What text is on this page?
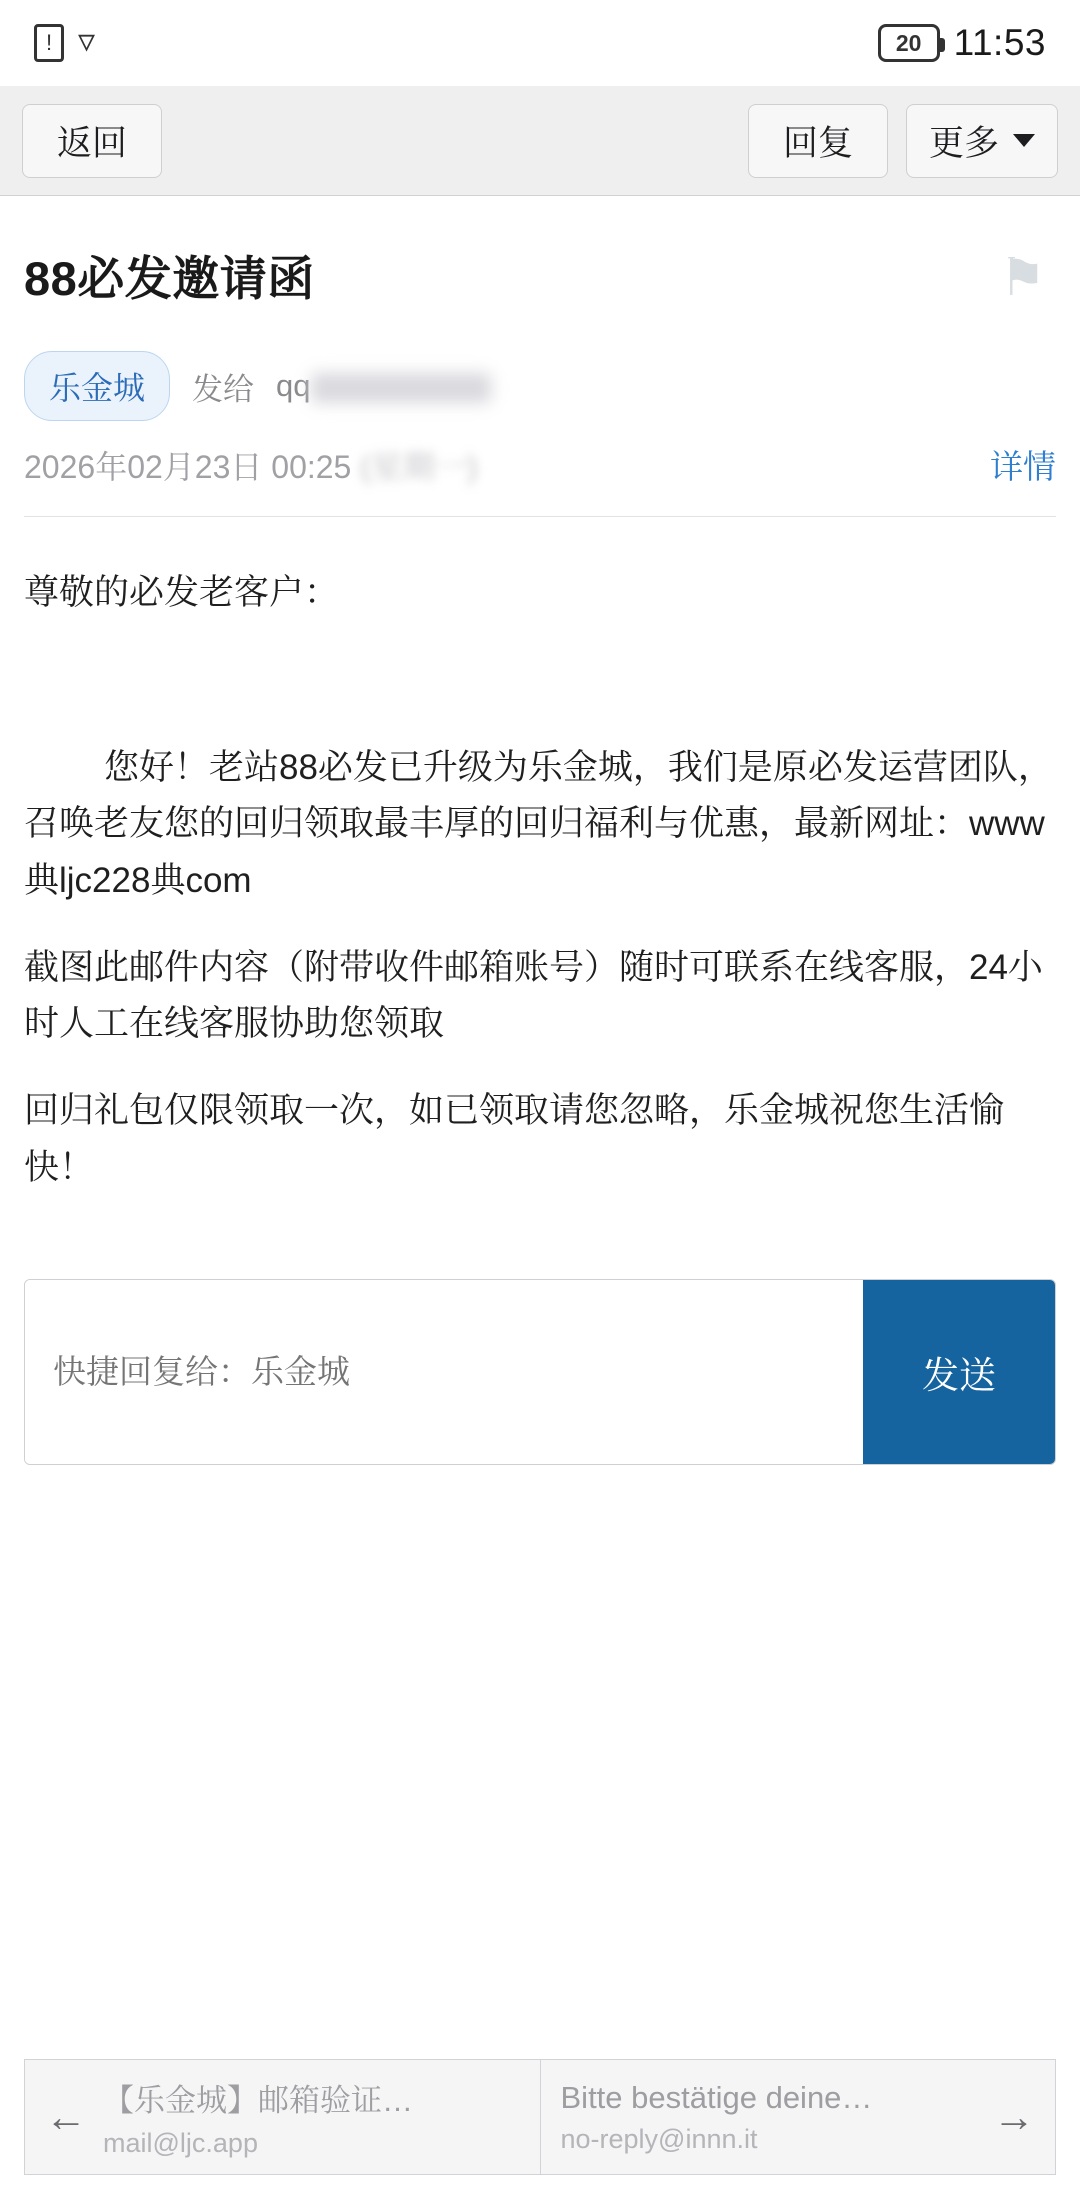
! ▿	20 11:53
返回	回复	更多
88必发邀请函	⚑
乐金城	发给 qq
2026年02月23日 00:25 (星期一)	详情

尊敬的必发老客户：

您好！老站88必发已升级为乐金城，我们是原必发运营团队，召唤老友您的回归领取最丰厚的回归福利与优惠，最新网址：www典ljc228典com

截图此邮件内容（附带收件邮箱账号）随时可联系在线客服，24小时人工在线客服协助您领取

回归礼包仅限领取一次，如已领取请您忽略，乐金城祝您生活愉快！

快捷回复给：乐金城
发送
← 【乐金城】邮箱验证…
mail@ljc.app
Bitte bestätige deine…
no-reply@innn.it	→
